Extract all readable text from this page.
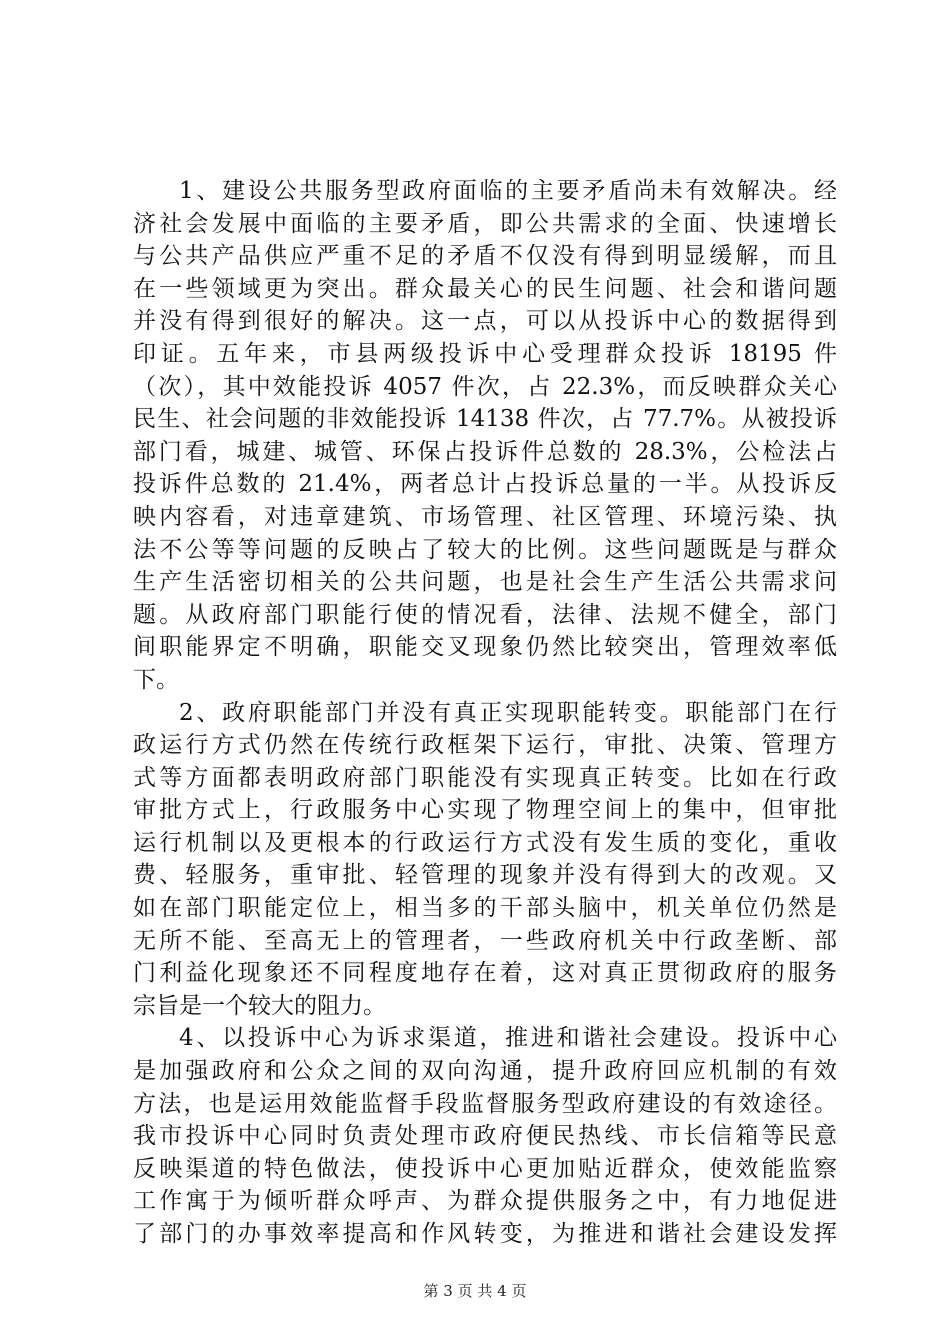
1、建设公共服务型政府面临的主要矛盾尚未有效解决。经
济社会发展中面临的主要矛盾，即公共需求的全面、快速增长
与公共产品供应严重不足的矛盾不仅没有得到明显缓解，而且
在一些领域更为突出。群众最关心的民生问题、社会和谐问题
并没有得到很好的解决。这一点，可以从投诉中心的数据得到
印证。五年来，市县两级投诉中心受理群众投诉 18195 件
（次），其中效能投诉 4057 件次，占 22.3%，而反映群众关心
民生、社会问题的非效能投诉 14138 件次，占 77.7%。从被投诉
部门看，城建、城管、环保占投诉件总数的 28.3%，公检法占
投诉件总数的 21.4%，两者总计占投诉总量的一半。从投诉反
映内容看，对违章建筑、市场管理、社区管理、环境污染、执
法不公等等问题的反映占了较大的比例。这些问题既是与群众
生产生活密切相关的公共问题，也是社会生产生活公共需求问
题。从政府部门职能行使的情况看，法律、法规不健全，部门
间职能界定不明确，职能交叉现象仍然比较突出，管理效率低
下。
2、政府职能部门并没有真正实现职能转变。职能部门在行
政运行方式仍然在传统行政框架下运行，审批、决策、管理方
式等方面都表明政府部门职能没有实现真正转变。比如在行政
审批方式上，行政服务中心实现了物理空间上的集中，但审批
运行机制以及更根本的行政运行方式没有发生质的变化，重收
费、轻服务，重审批、轻管理的现象并没有得到大的改观。又
如在部门职能定位上，相当多的干部头脑中，机关单位仍然是
无所不能、至高无上的管理者，一些政府机关中行政垄断、部
门利益化现象还不同程度地存在着，这对真正贯彻政府的服务
宗旨是一个较大的阻力。
4、以投诉中心为诉求渠道，推进和谐社会建设。投诉中心
是加强政府和公众之间的双向沟通，提升政府回应机制的有效
方法，也是运用效能监督手段监督服务型政府建设的有效途径。
我市投诉中心同时负责处理市政府便民热线、市长信箱等民意
反映渠道的特色做法，使投诉中心更加贴近群众，使效能监察
工作寓于为倾听群众呼声、为群众提供服务之中，有力地促进
了部门的办事效率提高和作风转变，为推进和谐社会建设发挥
第 3 页 共 4 页
